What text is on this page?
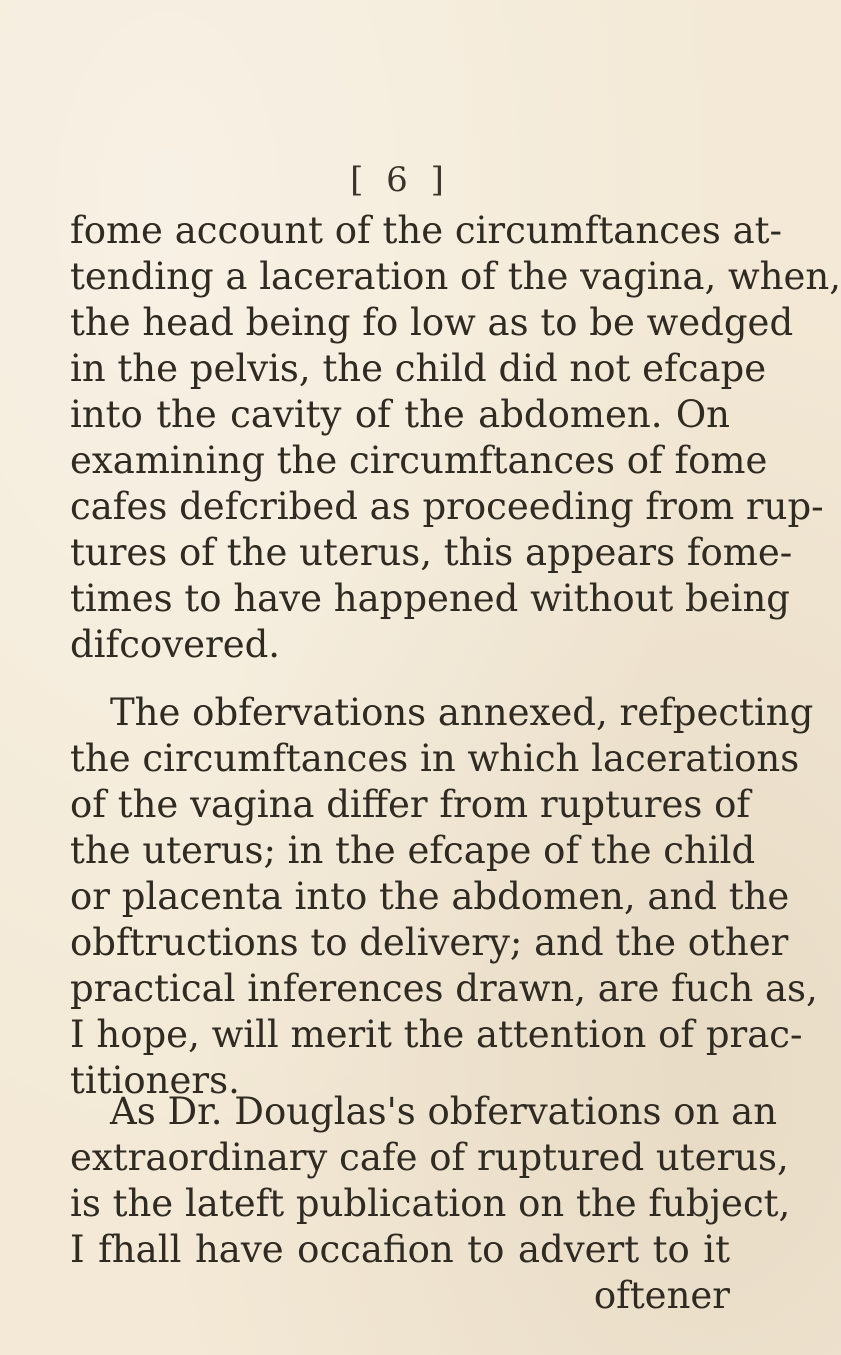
[ 6 ]
fome account of the circumftances at-
tending a laceration of the vagina, when,
the head being fo low as to be wedged
in the pelvis, the child did not efcape
into the cavity of the abdomen. On
examining the circumftances of fome
cafes defcribed as proceeding from rup-
tures of the uterus, this appears fome-
times to have happened without being
difcovered.
The obfervations annexed, refpecting
the circumftances in which lacerations
of the vagina differ from ruptures of
the uterus; in the efcape of the child
or placenta into the abdomen, and the
obftructions to delivery; and the other
practical inferences drawn, are fuch as,
I hope, will merit the attention of prac-
titioners.
As Dr. Douglas's obfervations on an
extraordinary cafe of ruptured uterus,
is the lateft publication on the fubject,
I fhall have occafion to advert to it
oftener
